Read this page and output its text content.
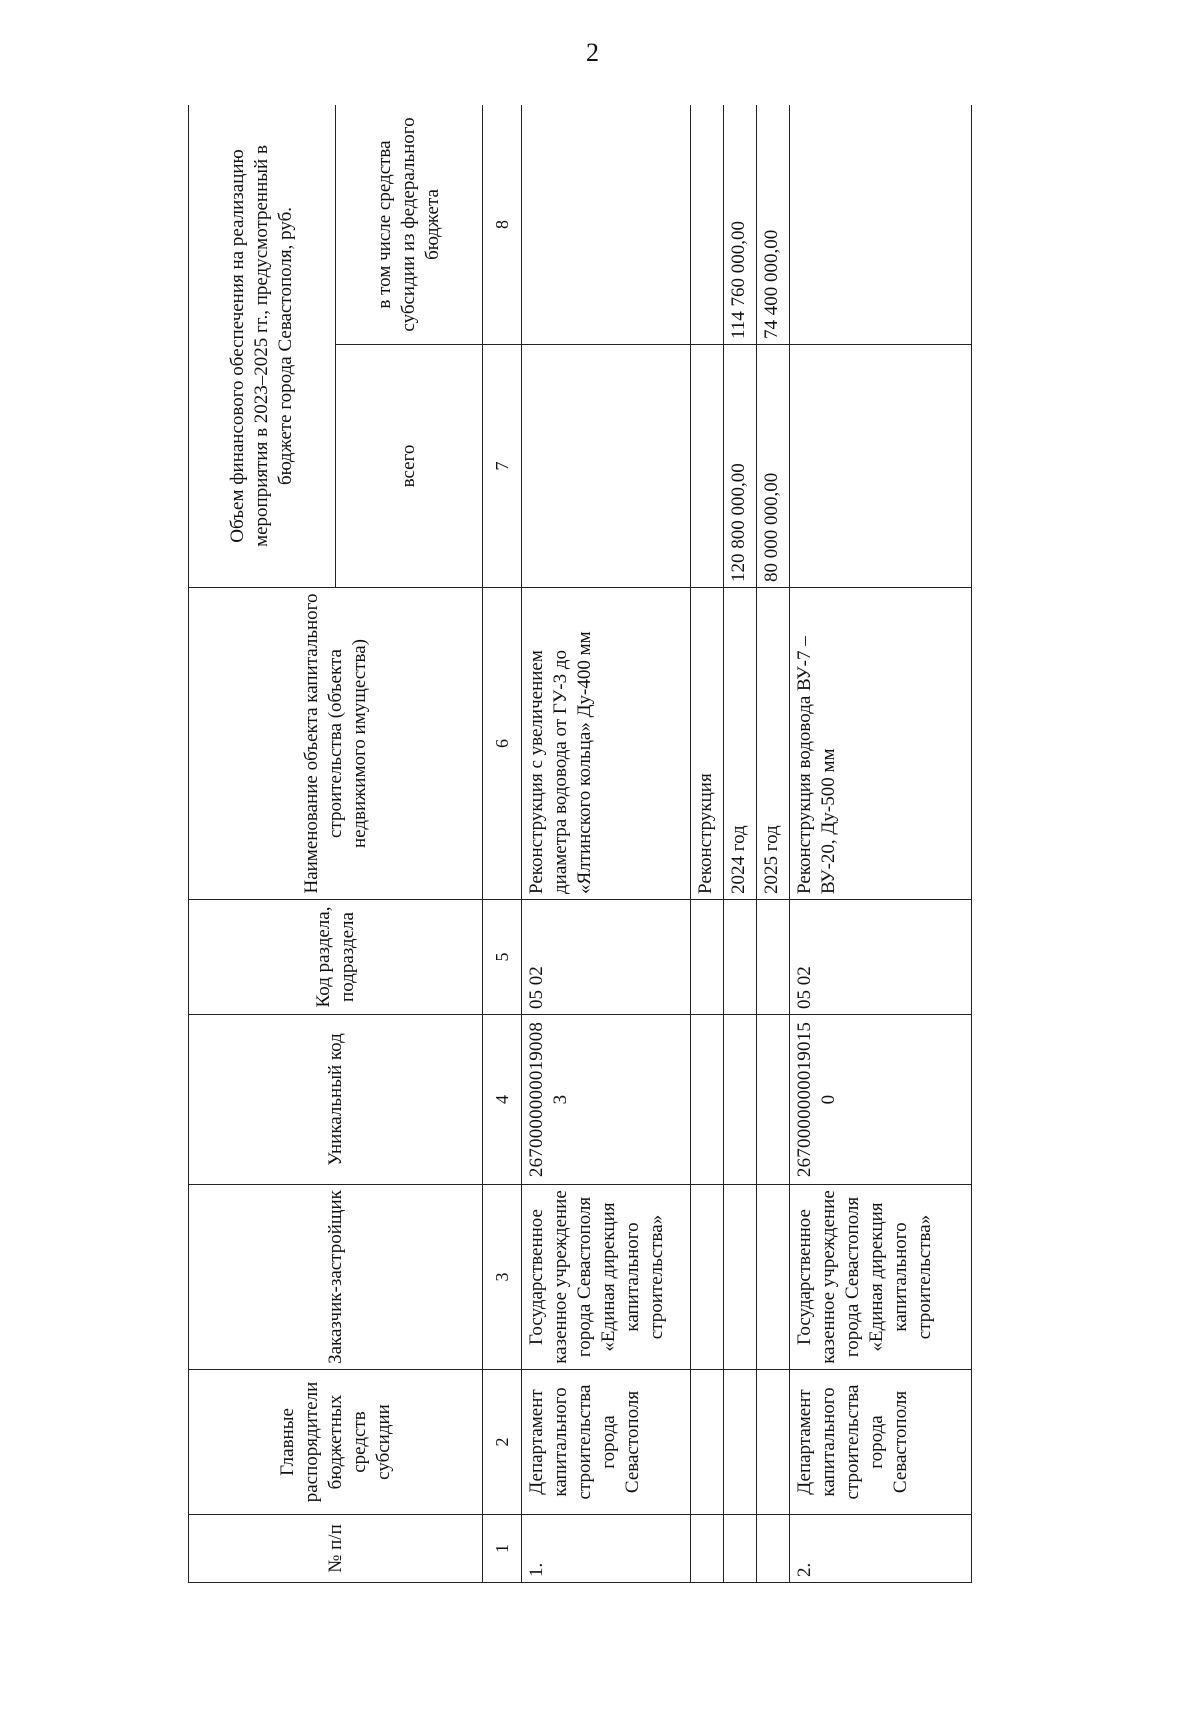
2
№ п/п	Главные распорядители бюджетных средств субсидии	Заказчик-застройщик	Уникальный код	Код раздела, подраздела	Наименование объекта капитального строительства (объекта недвижимого имущества)	Объем финансового обеспечения на реализацию мероприятия в 2023–2025 гг., предусмотренный в бюджете города Севастополя, руб.	
						всего	в том числе средства субсидии из федерального бюджета
1	2	3	4	5	6	7	8
1.	Департамент капитального строительства города Севастополя	Государственное казенное учреждение города Севастополя «Единая дирекция капитального строительства»	26700000000190083	05 02	Реконструкция с увеличением диаметра водовода от ГУ-3 до «Ялтинского кольца» Ду-400 мм		
					Реконструкция		
					2024 год	120 800 000,00	114 760 000,00
					2025 год	80 000 000,00	74 400 000,00
2.	Департамент капитального строительства города Севастополя	Государственное казенное учреждение города Севастополя «Единая дирекция капитального строительства»	26700000000190150	05 02	Реконструкция водовода ВУ-7 – ВУ-20, Ду-500 мм		
